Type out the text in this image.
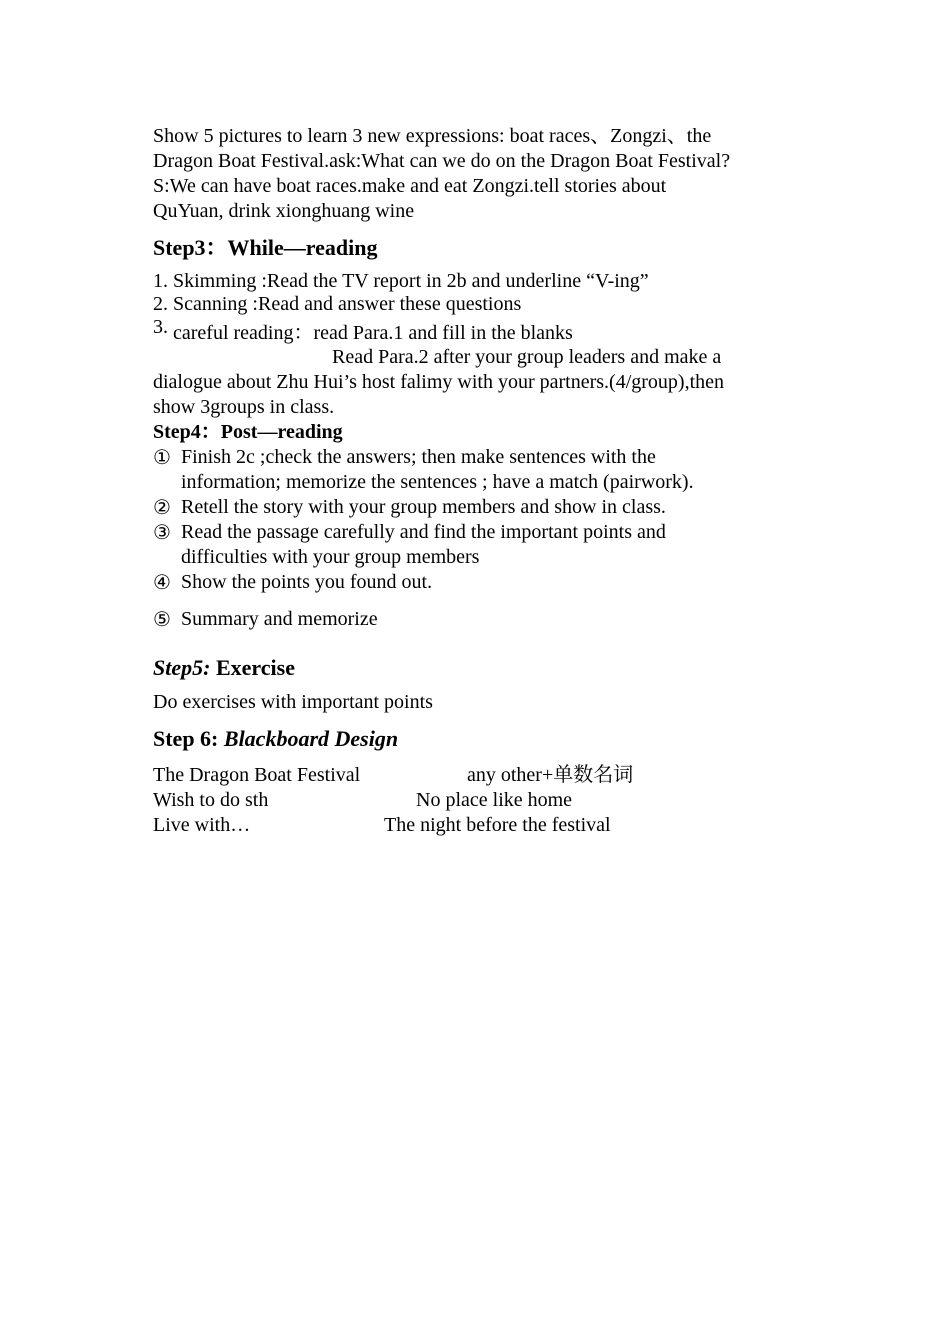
Show 5 pictures to learn 3 new expressions: boat races、Zongzi、the

Dragon Boat Festival.ask:What can we do on the Dragon Boat Festival?

S:We can have boat races.make and eat Zongzi.tell stories about

QuYuan, drink xionghuang wine

Step3：While—reading

1. Skimming :Read the TV report in 2b and underline “V-ing”
2. Scanning :Read and answer these questions
3. careful reading：read Para.1 and fill in the blanks

Read Para.2 after your group leaders and make a

dialogue about Zhu Hui’s host falimy with your partners.(4/group),then

show 3groups in class.

Step4：Post—reading

① Finish 2c ;check the answers; then make sentences with the

information; memorize the sentences ; have a match (pairwork).

② Retell the story with your group members and show in class.

③ Read the passage carefully and find the important points and

difficulties with your group members

④ Show the points you found out.

⑤ Summary and memorize

Step5: Exercise

Do exercises with important points

Step 6: Blackboard Design

The Dragon Boat Festival	any other+单数名词
Wish to do sth	No place like home
Live with…	The night before the festival
